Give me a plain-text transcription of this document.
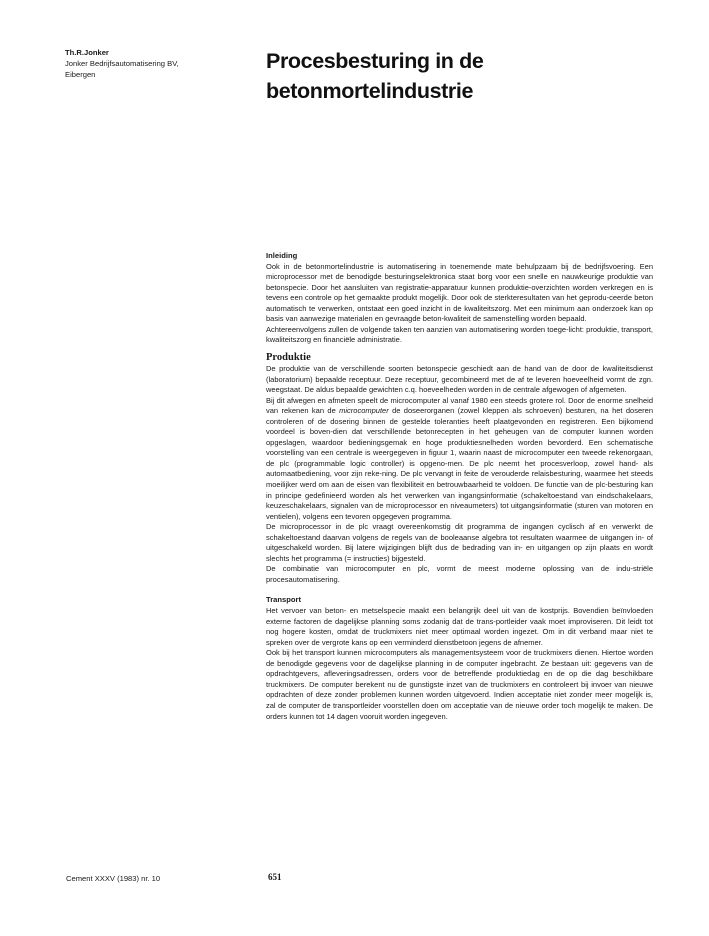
Th.R.Jonker
Jonker Bedrijfsautomatisering BV,
Eibergen
Procesbesturing in de
betonmortelindustrie
Inleiding

Ook in de betonmortelindustrie is automatisering in toenemende mate behulpzaam bij de bedrijfsvoering. Een microprocessor met de benodigde besturingselektronica staat borg voor een snelle en nauwkeurige produktie van betonspecie. Door het aansluiten van registratie-apparatuur kunnen produktie-overzichten worden verkregen en is tevens een controle op het gemaakte produkt mogelijk. Door ook de sterkteresultaten van het geprodu-ceerde beton automatisch te verwerken, ontstaat een goed inzicht in de kwaliteitszorg. Met een minimum aan onderzoek kan op basis van aanwezige materialen en gevraagde beton-kwaliteit de samenstelling worden bepaald.

Achtereenvolgens zullen de volgende taken ten aanzien van automatisering worden toege-licht: produktie, transport, kwaliteitszorg en financiële administratie.

Produktie

De produktie van de verschillende soorten betonspecie geschiedt aan de hand van de door de kwaliteitsdienst (laboratorium) bepaalde receptuur. Deze receptuur, gecombineerd met de af te leveren hoeveelheid vormt de zgn. weegstaat. De aldus bepaalde gewichten c.q. hoeveelheden worden in de centrale afgewogen of afgemeten.

Bij dit afwegen en afmeten speelt de microcomputer al vanaf 1980 een steeds grotere rol. Door de enorme snelheid van rekenen kan de microcomputer de doseerorganen (zowel kleppen als schroeven) besturen, na het doseren controleren of de dosering binnen de gestelde toleranties heeft plaatgevonden en registreren. Een bijkomend voordeel is boven-dien dat verschillende betonrecepten in het geheugen van de computer kunnen worden opgeslagen, waardoor bedieningsgemak en hoge produktiesnelheden worden bevorderd. Een schematische voorstelling van een centrale is weergegeven in figuur 1, waarin naast de microcomputer een tweede rekenorgaan, de plc (programmable logic controller) is opgeno-men. De plc neemt het procesverloop, zowel hand- als automaatbediening, voor zijn reke-ning. De plc vervangt in feite de verouderde relaisbesturing, waarmee het steeds moeilijker werd om aan de eisen van flexibiliteit en betrouwbaarheid te voldoen. De functie van de plc-besturing kan in principe gedefinieerd worden als het verwerken van ingangsinformatie (schakeltoestand van eindschakelaars, keuzeschakelaars, signalen van de microprocessor en niveaumeters) tot uitgangsinformatie (sturen van motoren en ventielen), volgens een tevoren opgegeven programma.

De microprocessor in de plc vraagt overeenkomstig dit programma de ingangen cyclisch af en verwerkt de schakeltoestand daarvan volgens de regels van de booleaanse algebra tot resultaten waarmee de uitgangen in- of uitgeschakeld worden. Bij latere wijzigingen blijft dus de bedrading van in- en uitgangen op zijn plaats en wordt slechts het programma (= instructies) bijgesteld.

De combinatie van microcomputer en plc, vormt de meest moderne oplossing van de indu-striële procesautomatisering.

Transport

Het vervoer van beton- en metselspecie maakt een belangrijk deel uit van de kostprijs. Bovendien beïnvloeden externe factoren de dagelijkse planning soms zodanig dat de trans-portleider vaak moet improviseren. Dit leidt tot nog hogere kosten, omdat de truckmixers niet meer optimaal worden ingezet. Om in dit verband maar niet te spreken over de vergrote kans op een verminderd dienstbetoon jegens de afnemer.

Ook bij het transport kunnen microcomputers als managementsysteem voor de truckmixers dienen. Hiertoe worden de benodigde gegevens voor de dagelijkse planning in de computer ingebracht. Ze bestaan uit: gegevens van de opdrachtgevers, afleveringsadressen, orders voor de betreffende produktiedag en de op die dag beschikbare truckmixers. De computer berekent nu de gunstigste inzet van de truckmixers en controleert bij invoer van nieuwe opdrachten of deze zonder problemen kunnen worden uitgevoerd. Indien acceptatie niet zonder meer mogelijk is, zal de computer de transportleider voorstellen doen om acceptatie van de nieuwe order toch mogelijk te maken. De orders kunnen tot 14 dagen vooruit worden ingegeven.

Cement XXXV (1983) nr. 10	651
